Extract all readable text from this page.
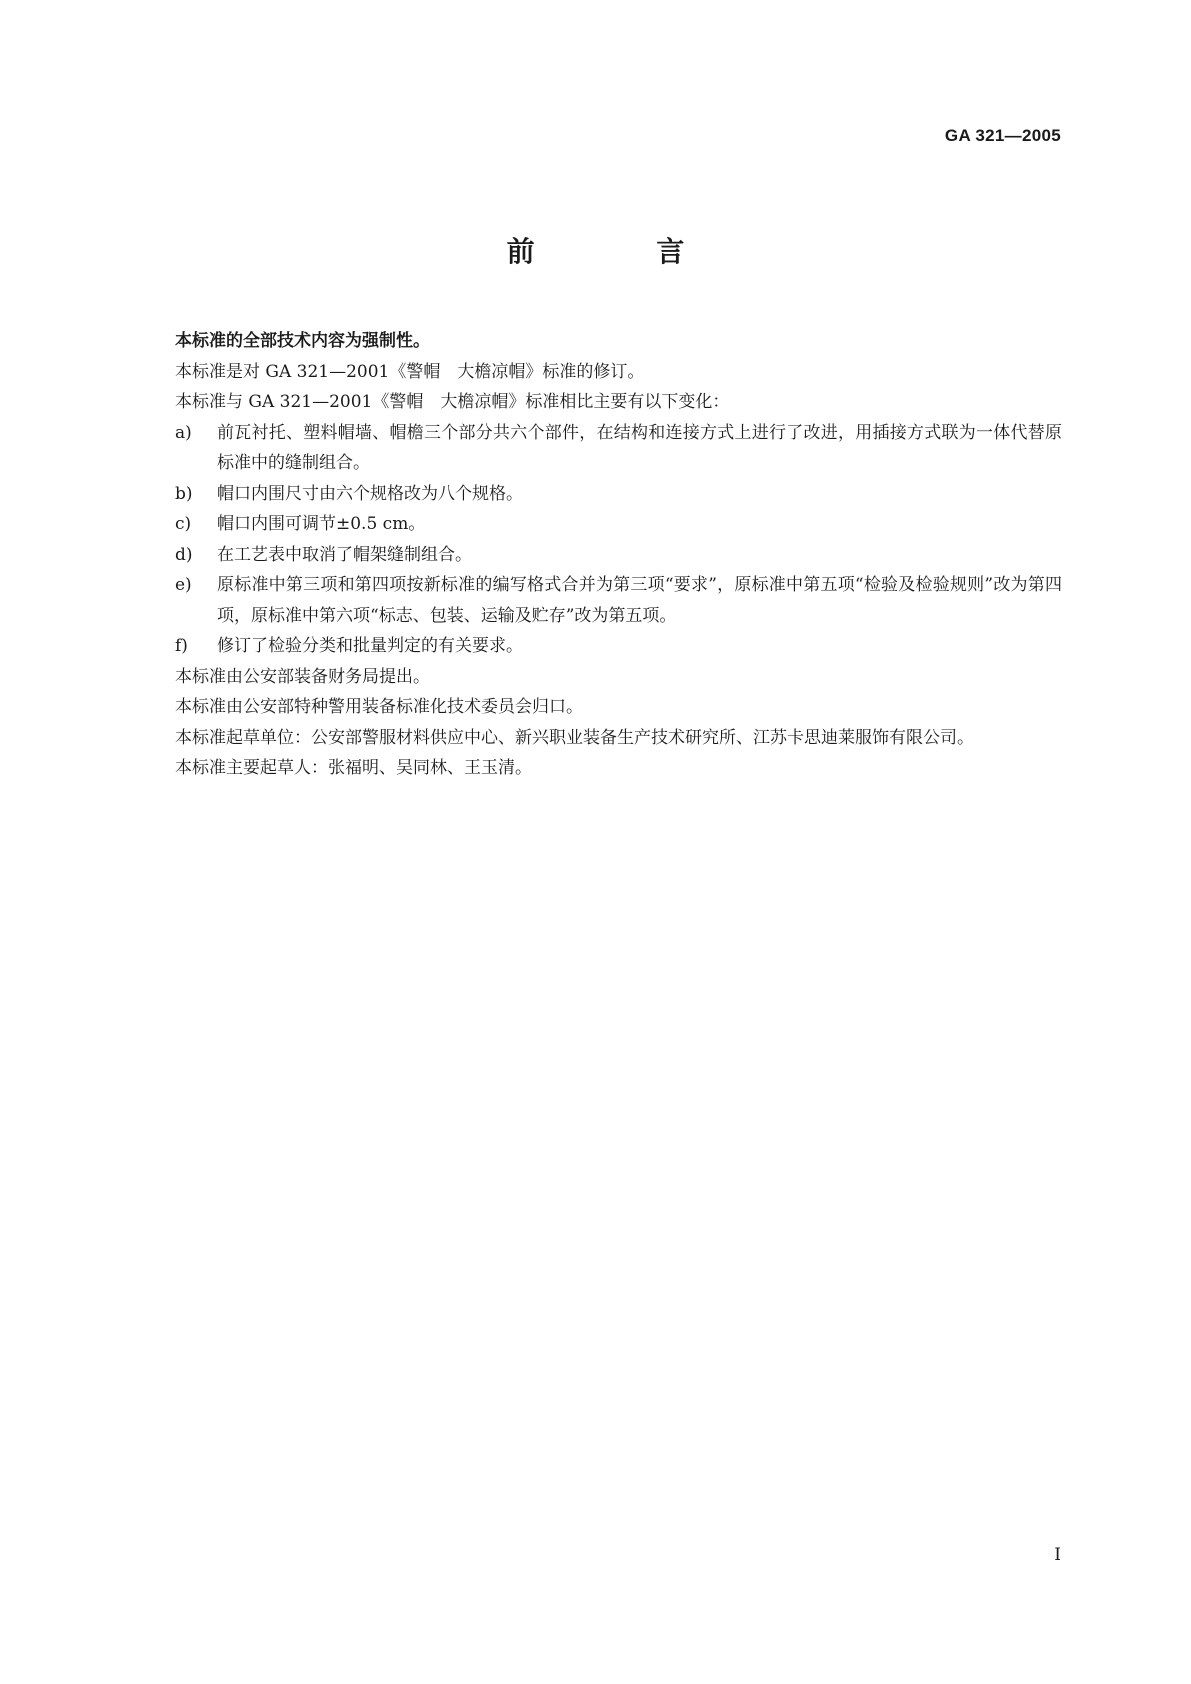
GA 321—2005
前 言

本标准的全部技术内容为强制性。

本标准是对 GA 321—2001《警帽　大檐凉帽》标准的修订。

本标准与 GA 321—2001《警帽　大檐凉帽》标准相比主要有以下变化：

a) 前瓦衬托、塑料帽墙、帽檐三个部分共六个部件，在结构和连接方式上进行了改进，用插接方式联为一体代替原标准中的缝制组合。

b) 帽口内围尺寸由六个规格改为八个规格。

c) 帽口内围可调节±0.5 cm。

d) 在工艺表中取消了帽架缝制组合。

e) 原标准中第三项和第四项按新标准的编写格式合并为第三项“要求”，原标准中第五项“检验及检验规则”改为第四项，原标准中第六项“标志、包装、运输及贮存”改为第五项。

f) 修订了检验分类和批量判定的有关要求。

本标准由公安部装备财务局提出。

本标准由公安部特种警用装备标准化技术委员会归口。

本标准起草单位：公安部警服材料供应中心、新兴职业装备生产技术研究所、江苏卡思迪莱服饰有限公司。

本标准主要起草人：张福明、吴同林、王玉清。

I
